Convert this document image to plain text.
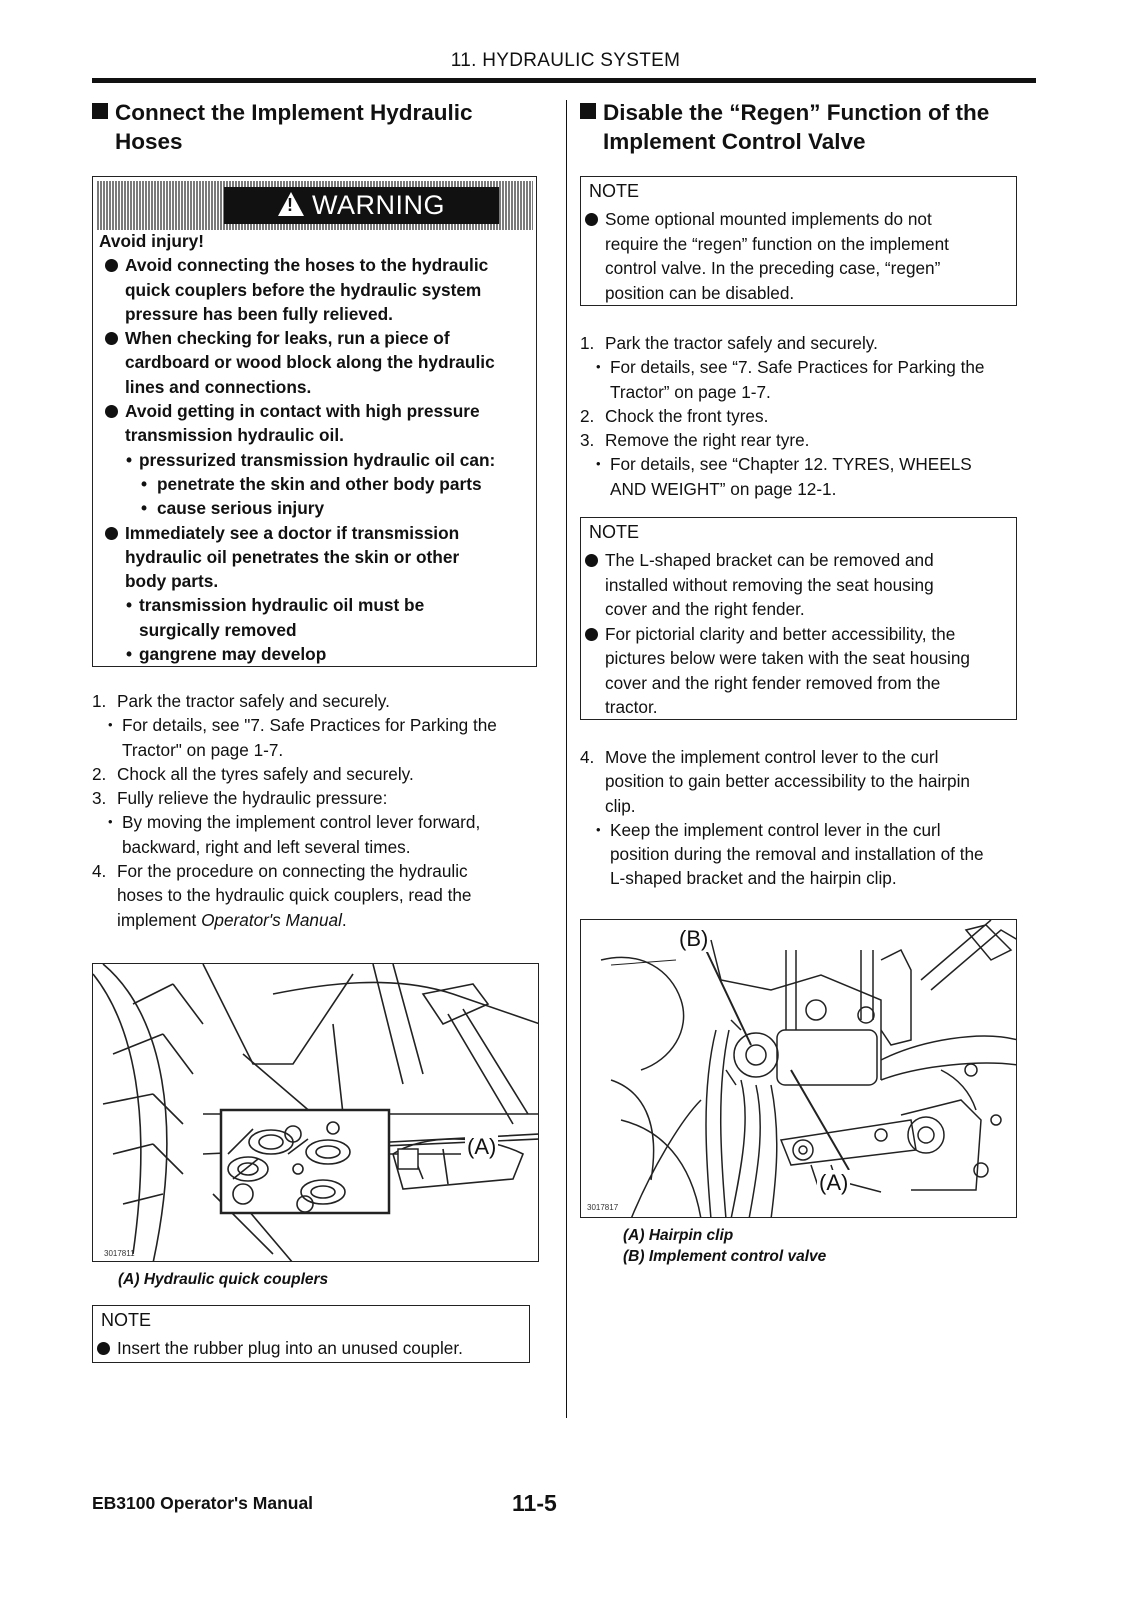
11. HYDRAULIC SYSTEM
Connect the Implement Hydraulic
Hoses
!WARNING
Avoid injury!
Avoid connecting the hoses to the hydraulic
quick couplers before the hydraulic system
pressure has been fully relieved.
When checking for leaks, run a piece of
cardboard or wood block along the hydraulic
lines and connections.
Avoid getting in contact with high pressure
transmission hydraulic oil.
• pressurized transmission hydraulic oil can:
• penetrate the skin and other body parts
• cause serious injury
Immediately see a doctor if transmission
hydraulic oil penetrates the skin or other
body parts.
• transmission hydraulic oil must be
surgically removed
• gangrene may develop
1. Park the tractor safely and securely.
• For details, see "7. Safe Practices for Parking the
Tractor" on page 1-7.
2. Chock all the tyres safely and securely.
3. Fully relieve the hydraulic pressure:
• By moving the implement control lever forward,
backward, right and left several times.
4. For the procedure on connecting the hydraulic
hoses to the hydraulic quick couplers, read the
implement Operator's Manual.
3017811
(A)
(A) Hydraulic quick couplers
NOTE
Insert the rubber plug into an unused coupler.
Disable the “Regen” Function of the
Implement Control Valve
NOTE
Some optional mounted implements do not
require the “regen” function on the implement
control valve. In the preceding case, “regen”
position can be disabled.
1. Park the tractor safely and securely.
• For details, see “7. Safe Practices for Parking the
Tractor” on page 1-7.
2. Chock the front tyres.
3. Remove the right rear tyre.
• For details, see “Chapter 12. TYRES, WHEELS
AND WEIGHT” on page 12-1.
NOTE
The L-shaped bracket can be removed and
installed without removing the seat housing
cover and the right fender.
For pictorial clarity and better accessibility, the
pictures below were taken with the seat housing
cover and the right fender removed from the
tractor.
4. Move the implement control lever to the curl
position to gain better accessibility to the hairpin
clip.
• Keep the implement control lever in the curl
position during the removal and installation of the
L-shaped bracket and the hairpin clip.
3017817
(B)
(A)
(A) Hairpin clip
(B) Implement control valve
EB3100 Operator's Manual	11-5
